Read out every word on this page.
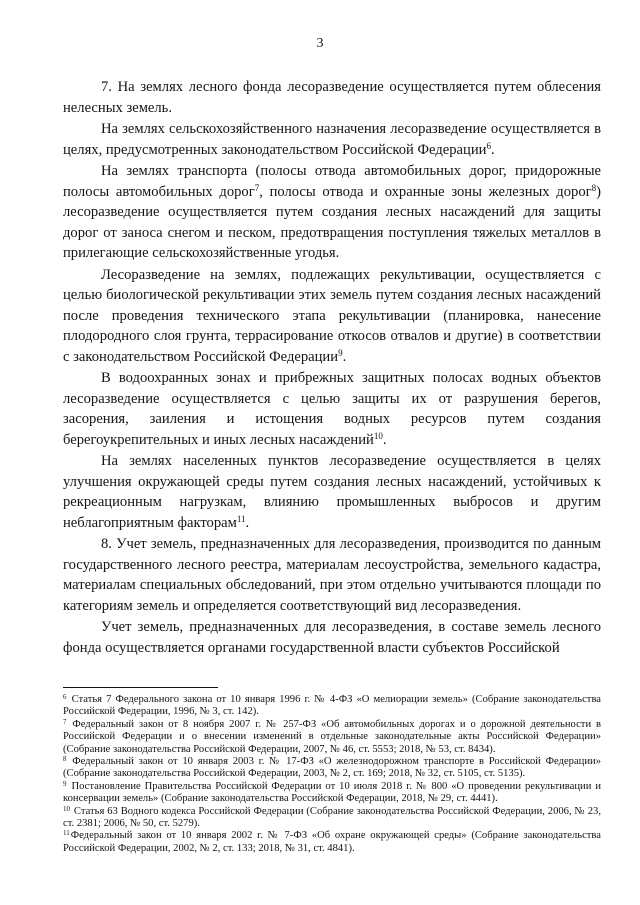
3

7. На землях лесного фонда лесоразведение осуществляется путем облесения нелесных земель.

На землях сельскохозяйственного назначения лесоразведение осуществляется в целях, предусмотренных законодательством Российской Федерации$^6$.

На землях транспорта (полосы отвода автомобильных дорог, придорожные полосы автомобильных дорог$^7$, полосы отвода и охранные зоны железных дорог$^8$) лесоразведение осуществляется путем создания лесных насаждений для защиты дорог от заноса снегом и песком, предотвращения поступления тяжелых металлов в прилегающие сельскохозяйственные угодья.

Лесоразведение на землях, подлежащих рекультивации, осуществляется с целью биологической рекультивации этих земель путем создания лесных насаждений после проведения технического этапа рекультивации (планировка, нанесение плодородного слоя грунта, террасирование откосов отвалов и другие) в соответствии с законодательством Российской Федерации$^9$.

В водоохранных зонах и прибрежных защитных полосах водных объектов лесоразведение осуществляется с целью защиты их от разрушения берегов, засорения, заиления и истощения водных ресурсов путем создания берегоукрепительных и иных лесных насаждений$^{10}$.

На землях населенных пунктов лесоразведение осуществляется в целях улучшения окружающей среды путем создания лесных насаждений, устойчивых к рекреационным нагрузкам, влиянию промышленных выбросов и другим неблагоприятным факторам$^{11}$.

8. Учет земель, предназначенных для лесоразведения, производится по данным государственного лесного реестра, материалам лесоустройства, земельного кадастра, материалам специальных обследований, при этом отдельно учитываются площади по категориям земель и определяется соответствующий вид лесоразведения.

Учет земель, предназначенных для лесоразведения, в составе земель лесного фонда осуществляется органами государственной власти субъектов Российской

$^6$ Статья 7 Федерального закона от 10 января 1996 г. № 4-ФЗ «О мелиорации земель» (Собрание законодательства Российской Федерации, 1996, № 3, ст. 142).

$^7$ Федеральный закон от 8 ноября 2007 г. № 257-ФЗ «Об автомобильных дорогах и о дорожной деятельности в Российской Федерации и о внесении изменений в отдельные законодательные акты Российской Федерации» (Собрание законодательства Российской Федерации, 2007, № 46, ст. 5553; 2018, № 53, ст. 8434).

$^8$ Федеральный закон от 10 января 2003 г. № 17-ФЗ «О железнодорожном транспорте в Российской Федерации» (Собрание законодательства Российской Федерации, 2003, № 2, ст. 169; 2018, № 32, ст. 5105, ст. 5135).

$^9$ Постановление Правительства Российской Федерации от 10 июля 2018 г. № 800 «О проведении рекультивации и консервации земель» (Собрание законодательства Российской Федерации, 2018, № 29, ст. 4441).

$^{10}$ Статья 63 Водного кодекса Российской Федерации (Собрание законодательства Российской Федерации, 2006, № 23, ст. 2381; 2006, № 50, ст. 5279).

$^{11}$Федеральный закон от 10 января 2002 г. № 7-ФЗ «Об охране окружающей среды» (Собрание законодательства Российской Федерации, 2002, № 2, ст. 133; 2018, № 31, ст. 4841).
